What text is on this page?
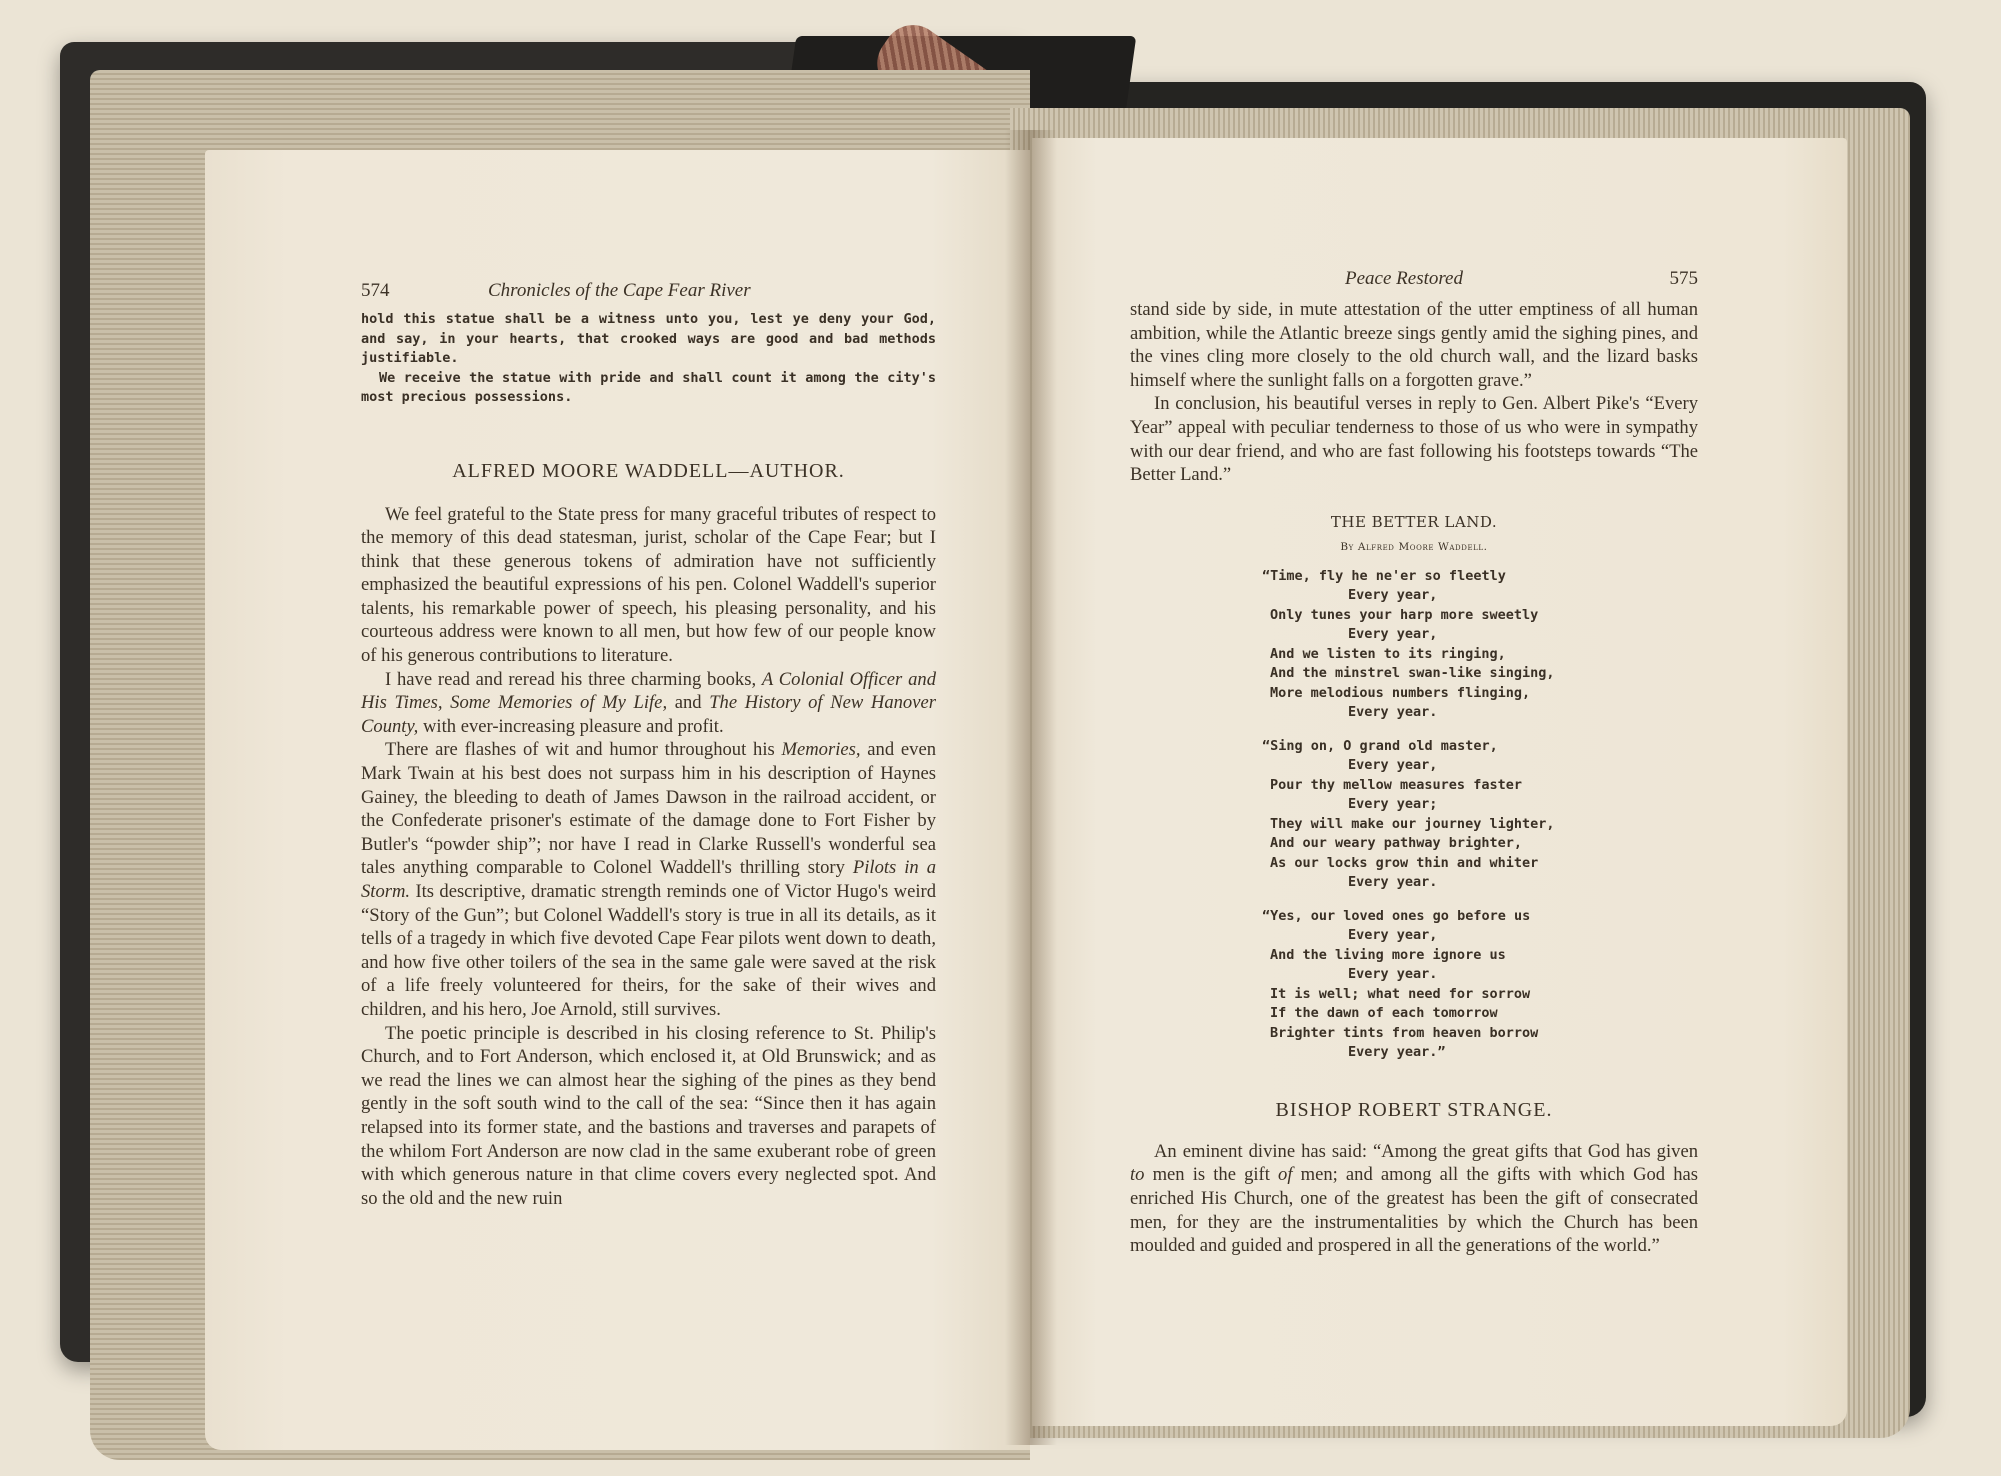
574	Chronicles of the Cape Fear River

hold this statue shall be a witness unto you, lest ye deny your God, and say, in your hearts, that crooked ways are good and bad methods justifiable.

We receive the statue with pride and shall count it among the city's most precious possessions.

ALFRED MOORE WADDELL—AUTHOR.

We feel grateful to the State press for many graceful tributes of respect to the memory of this dead statesman, jurist, scholar of the Cape Fear; but I think that these generous tokens of admiration have not sufficiently emphasized the beautiful expressions of his pen. Colonel Waddell's superior talents, his remarkable power of speech, his pleasing personality, and his courteous address were known to all men, but how few of our people know of his generous contributions to literature.

I have read and reread his three charming books, A Colonial Officer and His Times, Some Memories of My Life, and The History of New Hanover County, with ever-increasing pleasure and profit.

There are flashes of wit and humor throughout his Memories, and even Mark Twain at his best does not surpass him in his description of Haynes Gainey, the bleeding to death of James Dawson in the railroad accident, or the Confederate prisoner's estimate of the damage done to Fort Fisher by Butler's “powder ship”; nor have I read in Clarke Russell's wonderful sea tales anything comparable to Colonel Waddell's thrilling story Pilots in a Storm. Its descriptive, dramatic strength reminds one of Victor Hugo's weird “Story of the Gun”; but Colonel Waddell's story is true in all its details, as it tells of a tragedy in which five devoted Cape Fear pilots went down to death, and how five other toilers of the sea in the same gale were saved at the risk of a life freely volunteered for theirs, for the sake of their wives and children, and his hero, Joe Arnold, still survives.

The poetic principle is described in his closing reference to St. Philip's Church, and to Fort Anderson, which enclosed it, at Old Brunswick; and as we read the lines we can almost hear the sighing of the pines as they bend gently in the soft south wind to the call of the sea: “Since then it has again relapsed into its former state, and the bastions and traverses and parapets of the whilom Fort Anderson are now clad in the same exuberant robe of green with which generous nature in that clime covers every neglected spot. And so the old and the new ruin

Peace Restored	575

stand side by side, in mute attestation of the utter emptiness of all human ambition, while the Atlantic breeze sings gently amid the sighing pines, and the vines cling more closely to the old church wall, and the lizard basks himself where the sunlight falls on a forgotten grave.”

In conclusion, his beautiful verses in reply to Gen. Albert Pike's “Every Year” appeal with peculiar tenderness to those of us who were in sympathy with our dear friend, and who are fast following his footsteps towards “The Better Land.”

THE BETTER LAND.
By Alfred Moore Waddell.
“Time, fly he ne'er so fleetly
Every year,
Only tunes your harp more sweetly
Every year,
And we listen to its ringing,
And the minstrel swan-like singing,
More melodious numbers flinging,
Every year.
“Sing on, O grand old master,
Every year,
Pour thy mellow measures faster
Every year;
They will make our journey lighter,
And our weary pathway brighter,
As our locks grow thin and whiter
Every year.
“Yes, our loved ones go before us
Every year,
And the living more ignore us
Every year.
It is well; what need for sorrow
If the dawn of each tomorrow
Brighter tints from heaven borrow
Every year.”
BISHOP ROBERT STRANGE.

An eminent divine has said: “Among the great gifts that God has given to men is the gift of men; and among all the gifts with which God has enriched His Church, one of the greatest has been the gift of consecrated men, for they are the instrumentalities by which the Church has been moulded and guided and prospered in all the generations of the world.”
